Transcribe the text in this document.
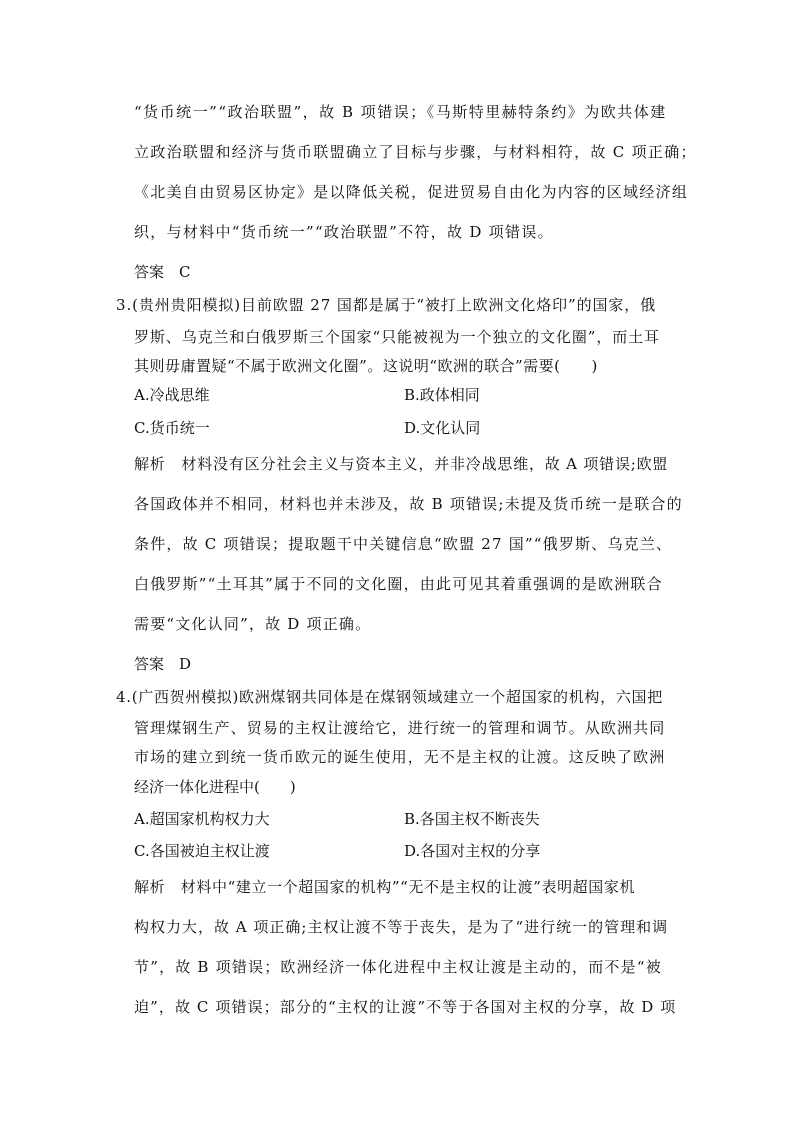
“货币统一”“政治联盟”，故 B 项错误；《马斯特里赫特条约》为欧共体建
立政治联盟和经济与货币联盟确立了目标与步骤，与材料相符，故 C 项正确；
《北美自由贸易区协定》是以降低关税，促进贸易自由化为内容的区域经济组
织，与材料中“货币统一”“政治联盟”不符，故 D 项错误。
答案　C
3.(贵州贵阳模拟)目前欧盟 27 国都是属于“被打上欧洲文化烙印”的国家，俄
罗斯、乌克兰和白俄罗斯三个国家“只能被视为一个独立的文化圈”，而土耳
其则毋庸置疑“不属于欧洲文化圈”。这说明“欧洲的联合”需要(　　)
A.冷战思维	B.政体相同
C.货币统一	D.文化认同
解析　材料没有区分社会主义与资本主义，并非冷战思维，故 A 项错误;欧盟
各国政体并不相同，材料也并未涉及，故 B 项错误;未提及货币统一是联合的
条件，故 C 项错误；提取题干中关键信息“欧盟 27 国”“俄罗斯、乌克兰、
白俄罗斯”“土耳其”属于不同的文化圈，由此可见其着重强调的是欧洲联合
需要“文化认同”，故 D 项正确。
答案　D
4.(广西贺州模拟)欧洲煤钢共同体是在煤钢领域建立一个超国家的机构，六国把
管理煤钢生产、贸易的主权让渡给它，进行统一的管理和调节。从欧洲共同
市场的建立到统一货币欧元的诞生使用，无不是主权的让渡。这反映了欧洲
经济一体化进程中(　　)
A.超国家机构权力大	B.各国主权不断丧失
C.各国被迫主权让渡	D.各国对主权的分享
解析　材料中“建立一个超国家的机构”“无不是主权的让渡”表明超国家机
构权力大，故 A 项正确;主权让渡不等于丧失，是为了“进行统一的管理和调
节”，故 B 项错误；欧洲经济一体化进程中主权让渡是主动的，而不是“被
迫”，故 C 项错误；部分的“主权的让渡”不等于各国对主权的分享，故 D 项
